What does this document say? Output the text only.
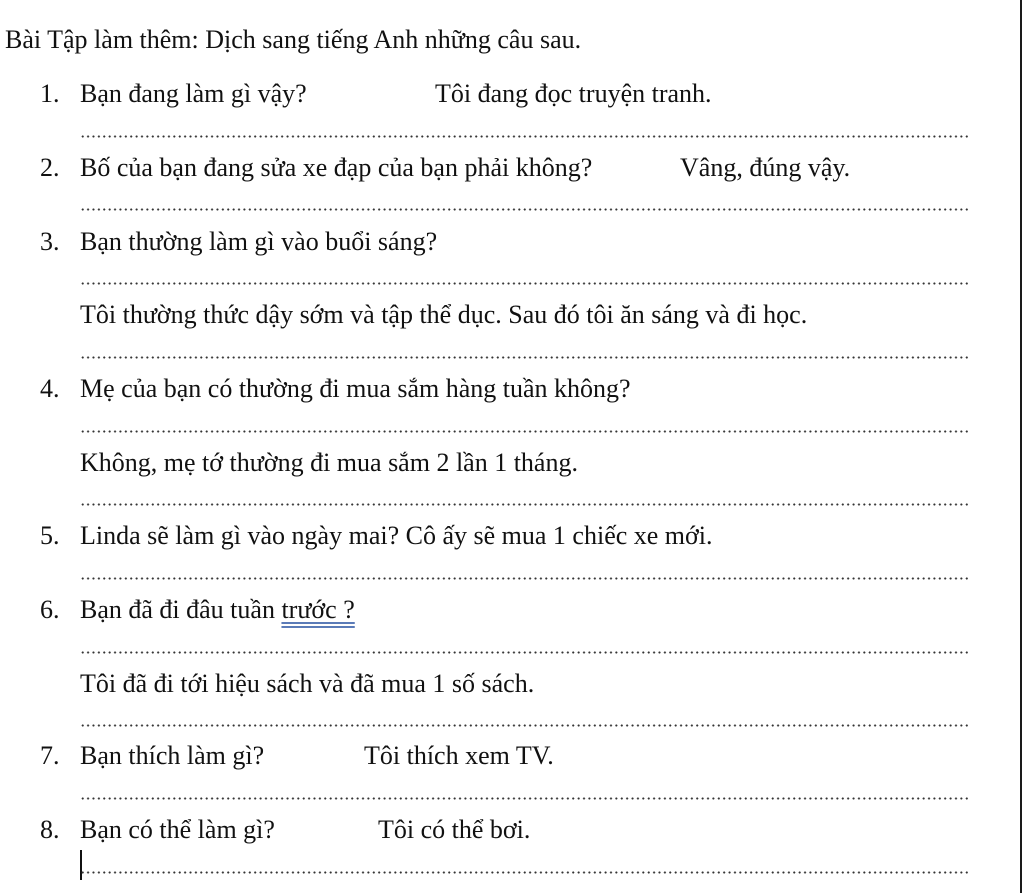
Bài Tập làm thêm: Dịch sang tiếng Anh những câu sau.
1. Bạn đang làm gì vậy?	Tôi đang đọc truyện tranh.
2. Bố của bạn đang sửa xe đạp của bạn phải không?	Vâng, đúng vậy.
3. Bạn thường làm gì vào buổi sáng?
Tôi thường thức dậy sớm và tập thể dục. Sau đó tôi ăn sáng và đi học.
4. Mẹ của bạn có thường đi mua sắm hàng tuần không?
Không, mẹ tớ thường đi mua sắm 2 lần 1 tháng.
5. Linda sẽ làm gì vào ngày mai? Cô ấy sẽ mua 1 chiếc xe mới.
6. Bạn đã đi đâu tuần trước ?
Tôi đã đi tới hiệu sách và đã mua 1 số sách.
7. Bạn thích làm gì?	Tôi thích xem TV.
8. Bạn có thể làm gì?	Tôi có thể bơi.
